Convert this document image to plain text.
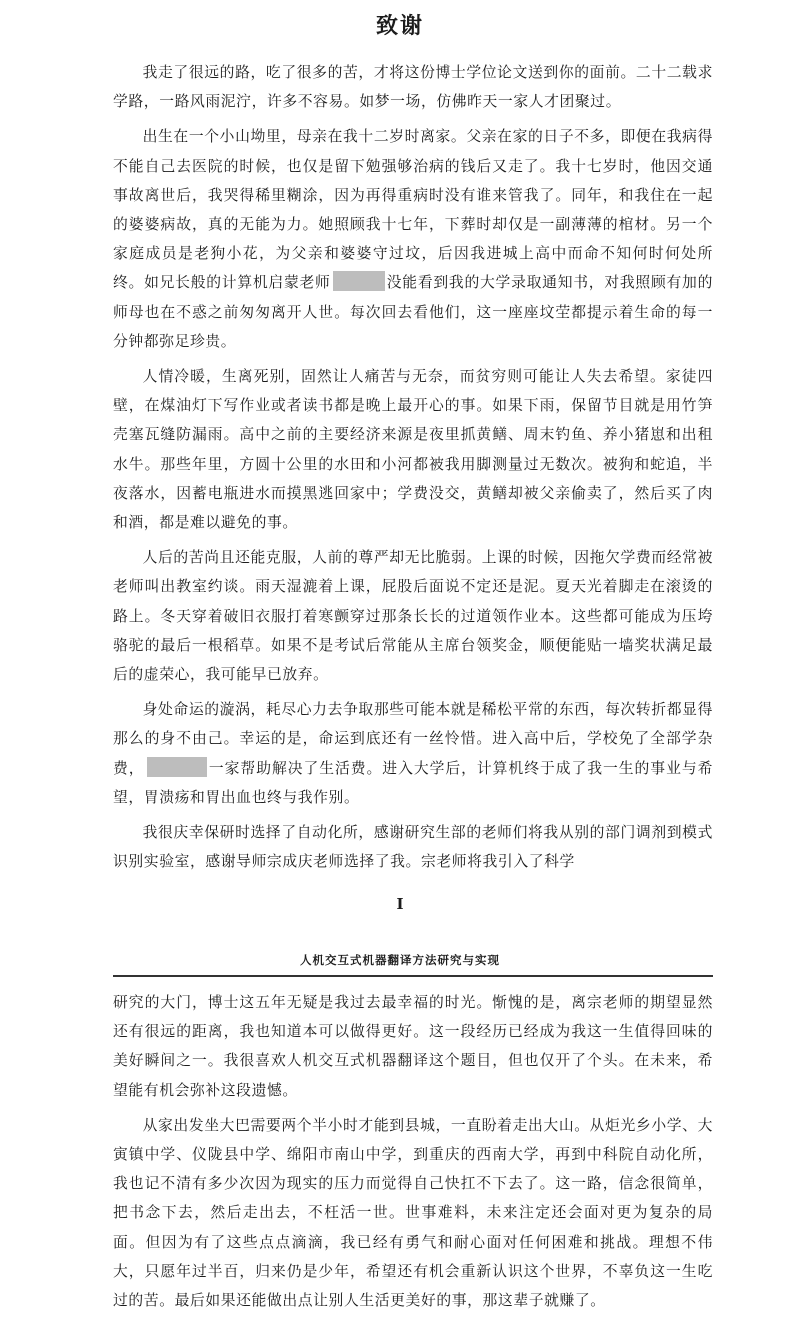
致谢

我走了很远的路，吃了很多的苦，才将这份博士学位论文送到你的面前。二十二载求学路，一路风雨泥泞，许多不容易。如梦一场，仿佛昨天一家人才团聚过。

出生在一个小山坳里，母亲在我十二岁时离家。父亲在家的日子不多，即便在我病得不能自己去医院的时候，也仅是留下勉强够治病的钱后又走了。我十七岁时，他因交通事故离世后，我哭得稀里糊涂，因为再得重病时没有谁来管我了。同年，和我住在一起的婆婆病故，真的无能为力。她照顾我十七年，下葬时却仅是一副薄薄的棺材。另一个家庭成员是老狗小花，为父亲和婆婆守过坟，后因我进城上高中而命不知何时何处所终。如兄长般的计算机启蒙老师	没能看到我的大学录取通知书，对我照顾有加的师母也在不惑之前匆匆离开人世。每次回去看他们，这一座座坟茔都提示着生命的每一分钟都弥足珍贵。

人情冷暖，生离死别，固然让人痛苦与无奈，而贫穷则可能让人失去希望。家徒四壁，在煤油灯下写作业或者读书都是晚上最开心的事。如果下雨，保留节目就是用竹笋壳塞瓦缝防漏雨。高中之前的主要经济来源是夜里抓黄鳝、周末钓鱼、养小猪崽和出租水牛。那些年里，方圆十公里的水田和小河都被我用脚测量过无数次。被狗和蛇追，半夜落水，因蓄电瓶进水而摸黑逃回家中；学费没交，黄鳝却被父亲偷卖了，然后买了肉和酒，都是难以避免的事。

人后的苦尚且还能克服，人前的尊严却无比脆弱。上课的时候，因拖欠学费而经常被老师叫出教室约谈。雨天湿漉着上课，屁股后面说不定还是泥。夏天光着脚走在滚烫的路上。冬天穿着破旧衣服打着寒颤穿过那条长长的过道领作业本。这些都可能成为压垮骆驼的最后一根稻草。如果不是考试后常能从主席台领奖金，顺便能贴一墙奖状满足最后的虚荣心，我可能早已放弃。

身处命运的漩涡，耗尽心力去争取那些可能本就是稀松平常的东西，每次转折都显得那么的身不由己。幸运的是，命运到底还有一丝怜惜。进入高中后，学校免了全部学杂费，	一家帮助解决了生活费。进入大学后，计算机终于成了我一生的事业与希望，胃溃疡和胃出血也终与我作别。

我很庆幸保研时选择了自动化所，感谢研究生部的老师们将我从别的部门调剂到模式识别实验室，感谢导师宗成庆老师选择了我。宗老师将我引入了科学

I
人机交互式机器翻译方法研究与实现

研究的大门，博士这五年无疑是我过去最幸福的时光。惭愧的是，离宗老师的期望显然还有很远的距离，我也知道本可以做得更好。这一段经历已经成为我这一生值得回味的美好瞬间之一。我很喜欢人机交互式机器翻译这个题目，但也仅开了个头。在未来，希望能有机会弥补这段遗憾。

从家出发坐大巴需要两个半小时才能到县城，一直盼着走出大山。从炬光乡小学、大寅镇中学、仪陇县中学、绵阳市南山中学，到重庆的西南大学，再到中科院自动化所，我也记不清有多少次因为现实的压力而觉得自己快扛不下去了。这一路，信念很简单，把书念下去，然后走出去，不枉活一世。世事难料，未来注定还会面对更为复杂的局面。但因为有了这些点点滴滴，我已经有勇气和耐心面对任何困难和挑战。理想不伟大，只愿年过半百，归来仍是少年，希望还有机会重新认识这个世界，不辜负这一生吃过的苦。最后如果还能做出点让别人生活更美好的事，那这辈子就赚了。
